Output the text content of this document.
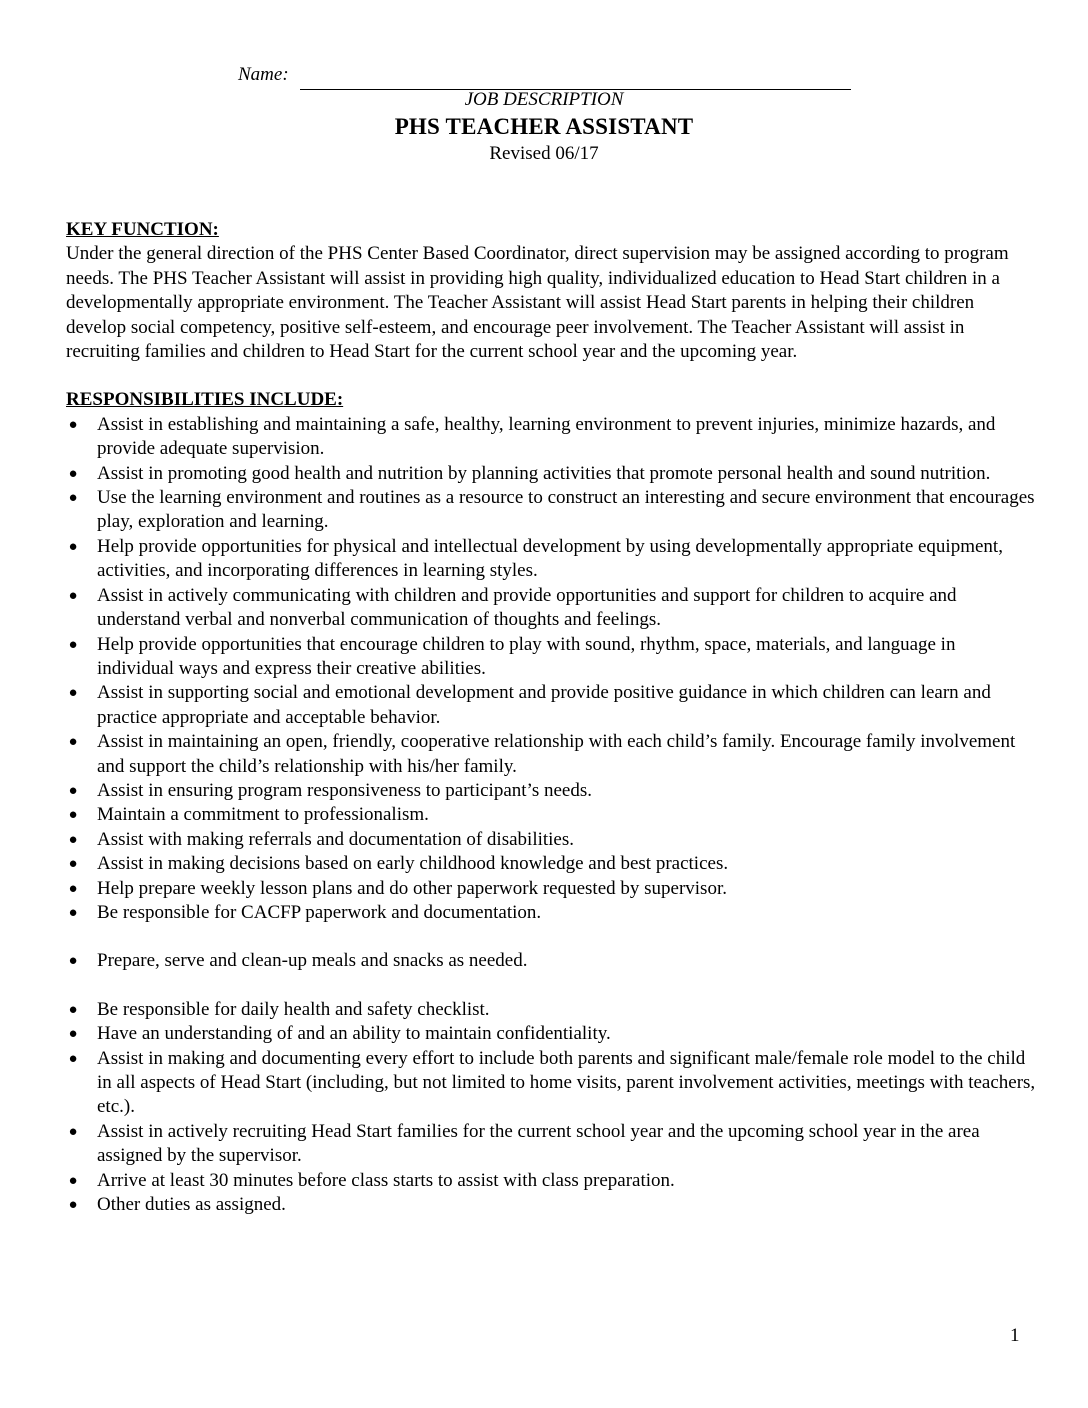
Name:
JOB DESCRIPTION
PHS TEACHER ASSISTANT
Revised 06/17

KEY FUNCTION:

Under the general direction of the PHS Center Based Coordinator, direct supervision may be assigned according to program needs. The PHS Teacher Assistant will assist in providing high quality, individualized education to Head Start children in a developmentally appropriate environment. The Teacher Assistant will assist Head Start parents in helping their children develop social competency, positive self-esteem, and encourage peer involvement. The Teacher Assistant will assist in recruiting families and children to Head Start for the current school year and the upcoming year.

RESPONSIBILITIES INCLUDE:

● Assist in establishing and maintaining a safe, healthy, learning environment to prevent injuries, minimize hazards, and provide adequate supervision.
● Assist in promoting good health and nutrition by planning activities that promote personal health and sound nutrition.
● Use the learning environment and routines as a resource to construct an interesting and secure environment that encourages play, exploration and learning.
● Help provide opportunities for physical and intellectual development by using developmentally appropriate equipment, activities, and incorporating differences in learning styles.
● Assist in actively communicating with children and provide opportunities and support for children to acquire and understand verbal and nonverbal communication of thoughts and feelings.
● Help provide opportunities that encourage children to play with sound, rhythm, space, materials, and language in individual ways and express their creative abilities.
● Assist in supporting social and emotional development and provide positive guidance in which children can learn and practice appropriate and acceptable behavior.
● Assist in maintaining an open, friendly, cooperative relationship with each child’s family. Encourage family involvement and support the child’s relationship with his/her family.
● Assist in ensuring program responsiveness to participant’s needs.
● Maintain a commitment to professionalism.
● Assist with making referrals and documentation of disabilities.
● Assist in making decisions based on early childhood knowledge and best practices.
● Help prepare weekly lesson plans and do other paperwork requested by supervisor.
● Be responsible for CACFP paperwork and documentation.
● Prepare, serve and clean-up meals and snacks as needed.
● Be responsible for daily health and safety checklist.
● Have an understanding of and an ability to maintain confidentiality.
● Assist in making and documenting every effort to include both parents and significant male/female role model to the child in all aspects of Head Start (including, but not limited to home visits, parent involvement activities, meetings with teachers, etc.).
● Assist in actively recruiting Head Start families for the current school year and the upcoming school year in the area assigned by the supervisor.
● Arrive at least 30 minutes before class starts to assist with class preparation.
● Other duties as assigned.
1
